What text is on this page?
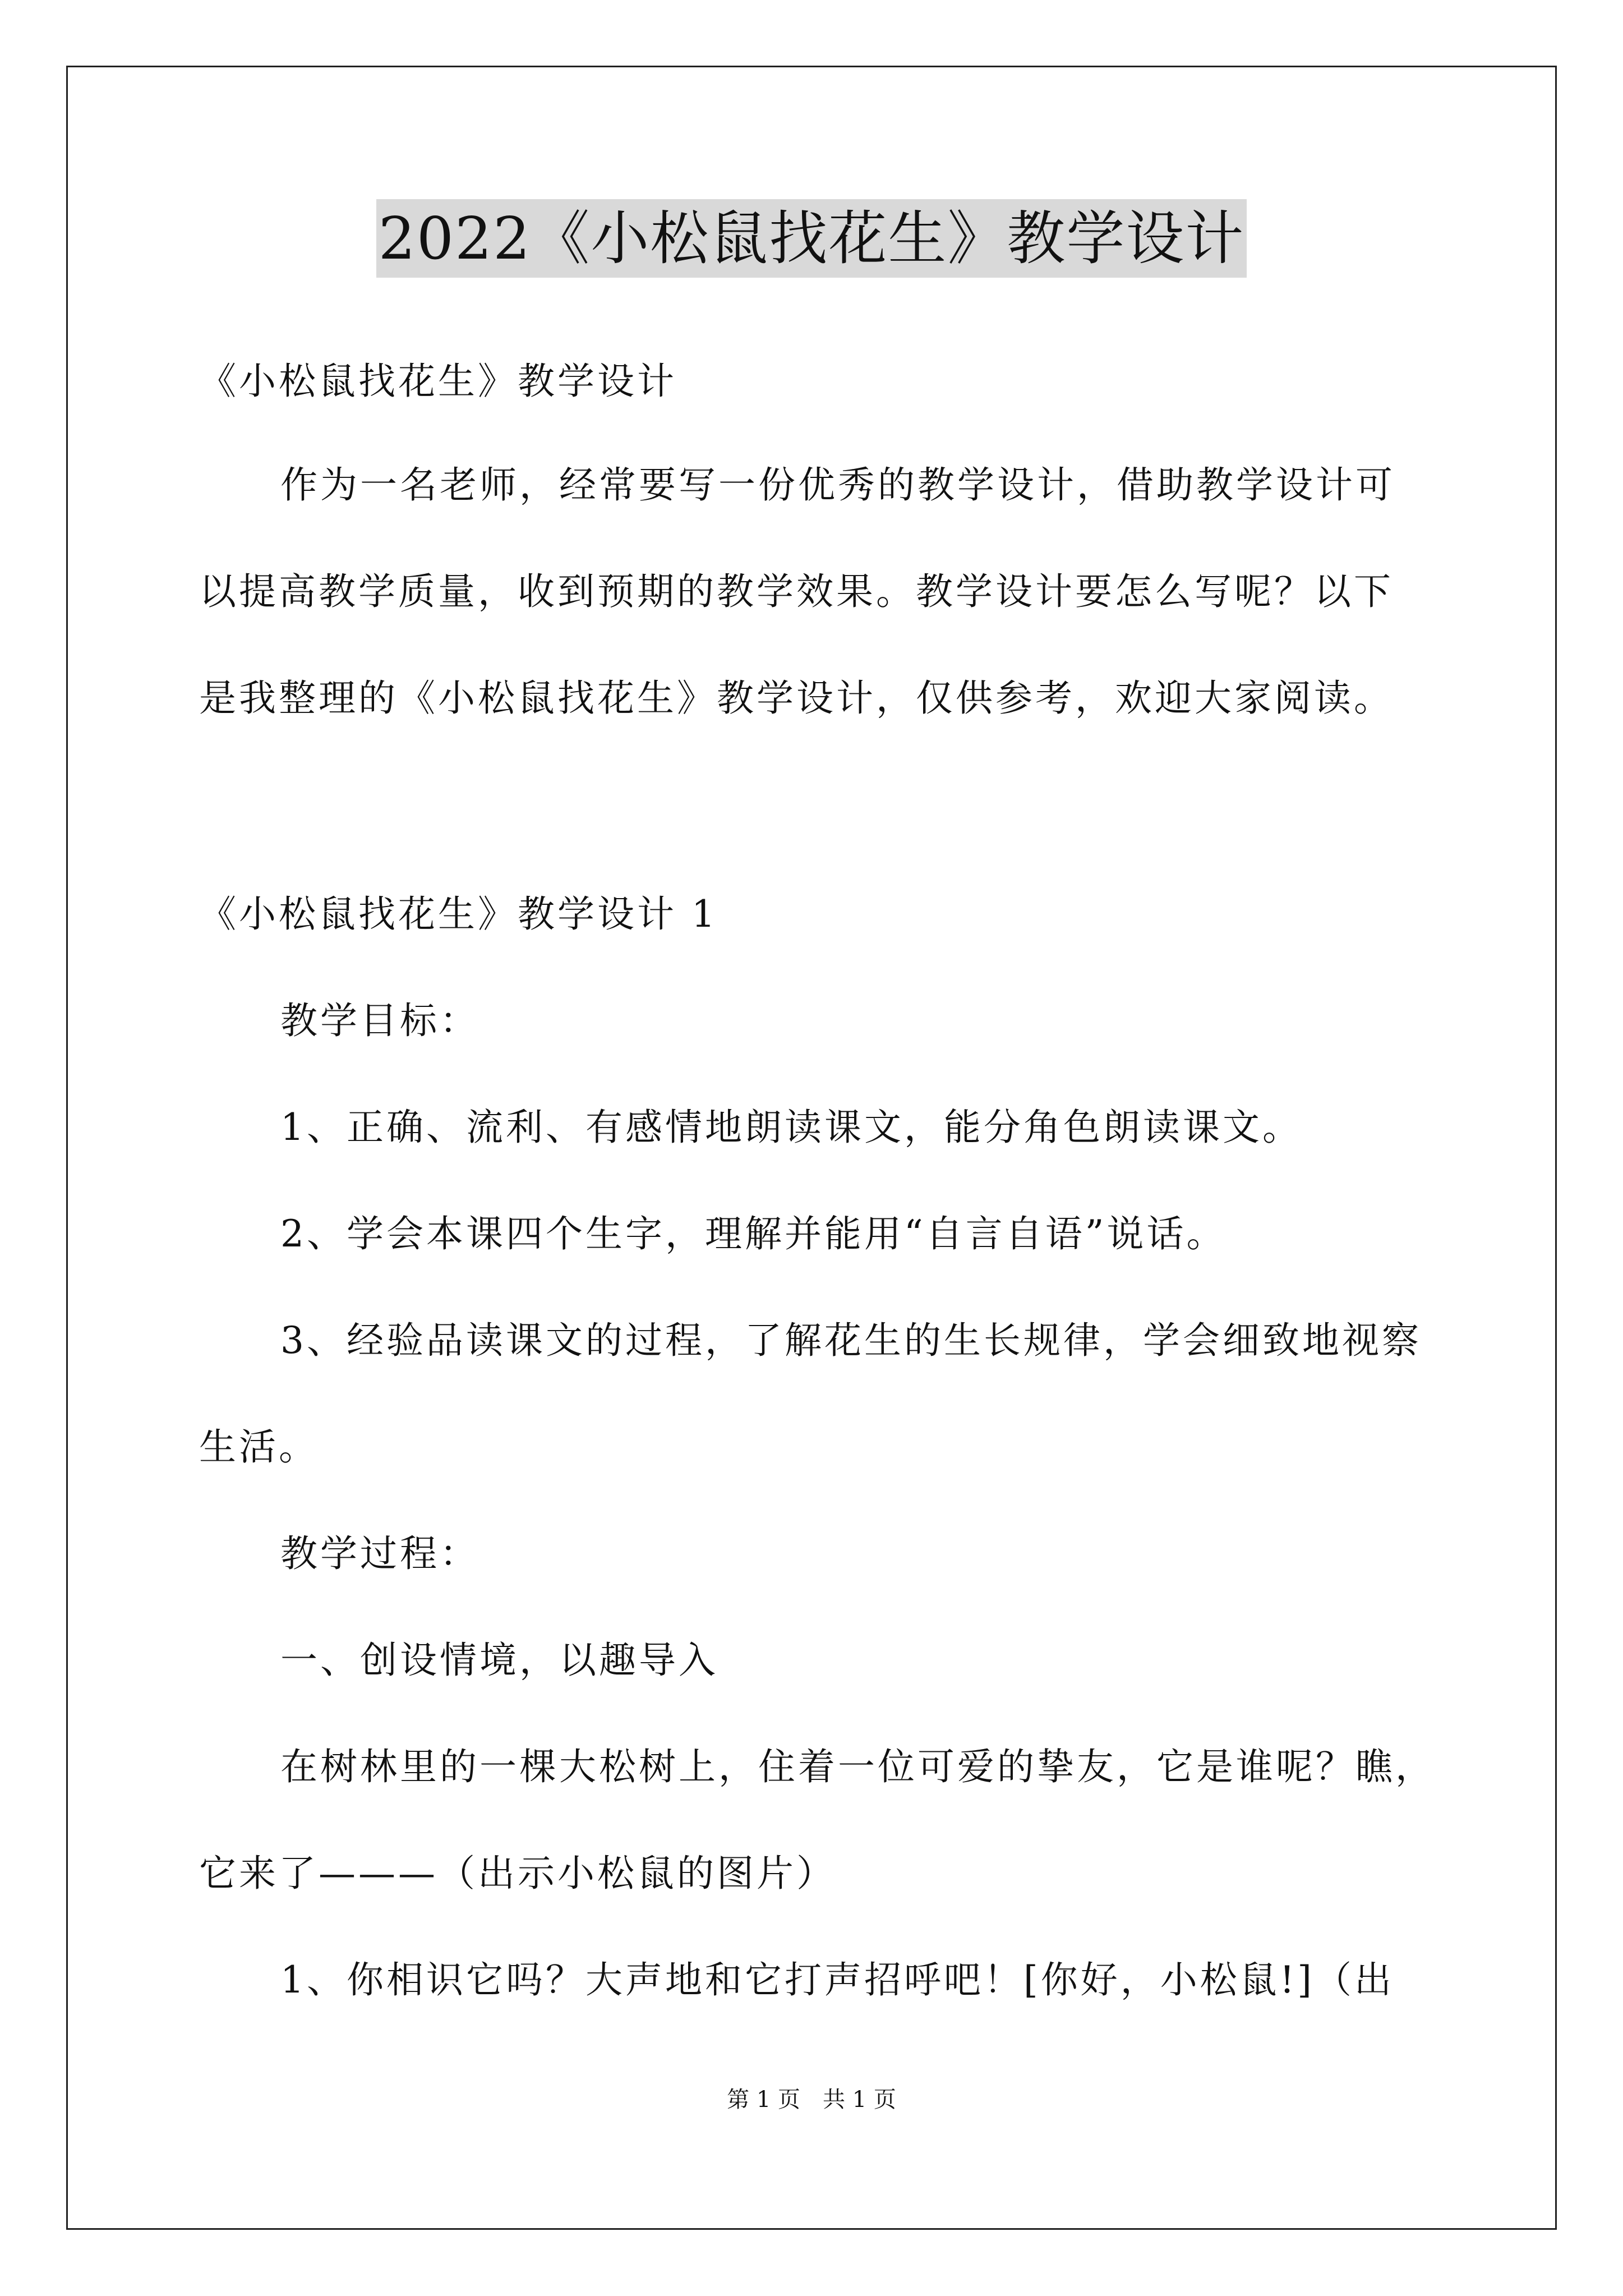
2022《小松鼠找花生》教学设计
《小松鼠找花生》教学设计
作为一名老师，经常要写一份优秀的教学设计，借助教学设计可
以提高教学质量，收到预期的教学效果。教学设计要怎么写呢？以下
是我整理的《小松鼠找花生》教学设计，仅供参考，欢迎大家阅读。
《小松鼠找花生》教学设计 1
教学目标：
1、正确、流利、有感情地朗读课文，能分角色朗读课文。
2、学会本课四个生字，理解并能用“自言自语”说话。
3、经验品读课文的过程，了解花生的生长规律，学会细致地视察
生活。
教学过程：
一、创设情境，以趣导入
在树林里的一棵大松树上，住着一位可爱的挚友，它是谁呢？瞧，
它来了———（出示小松鼠的图片）
1、你相识它吗？大声地和它打声招呼吧！[你好，小松鼠!]（出
第 1 页　共 1 页
